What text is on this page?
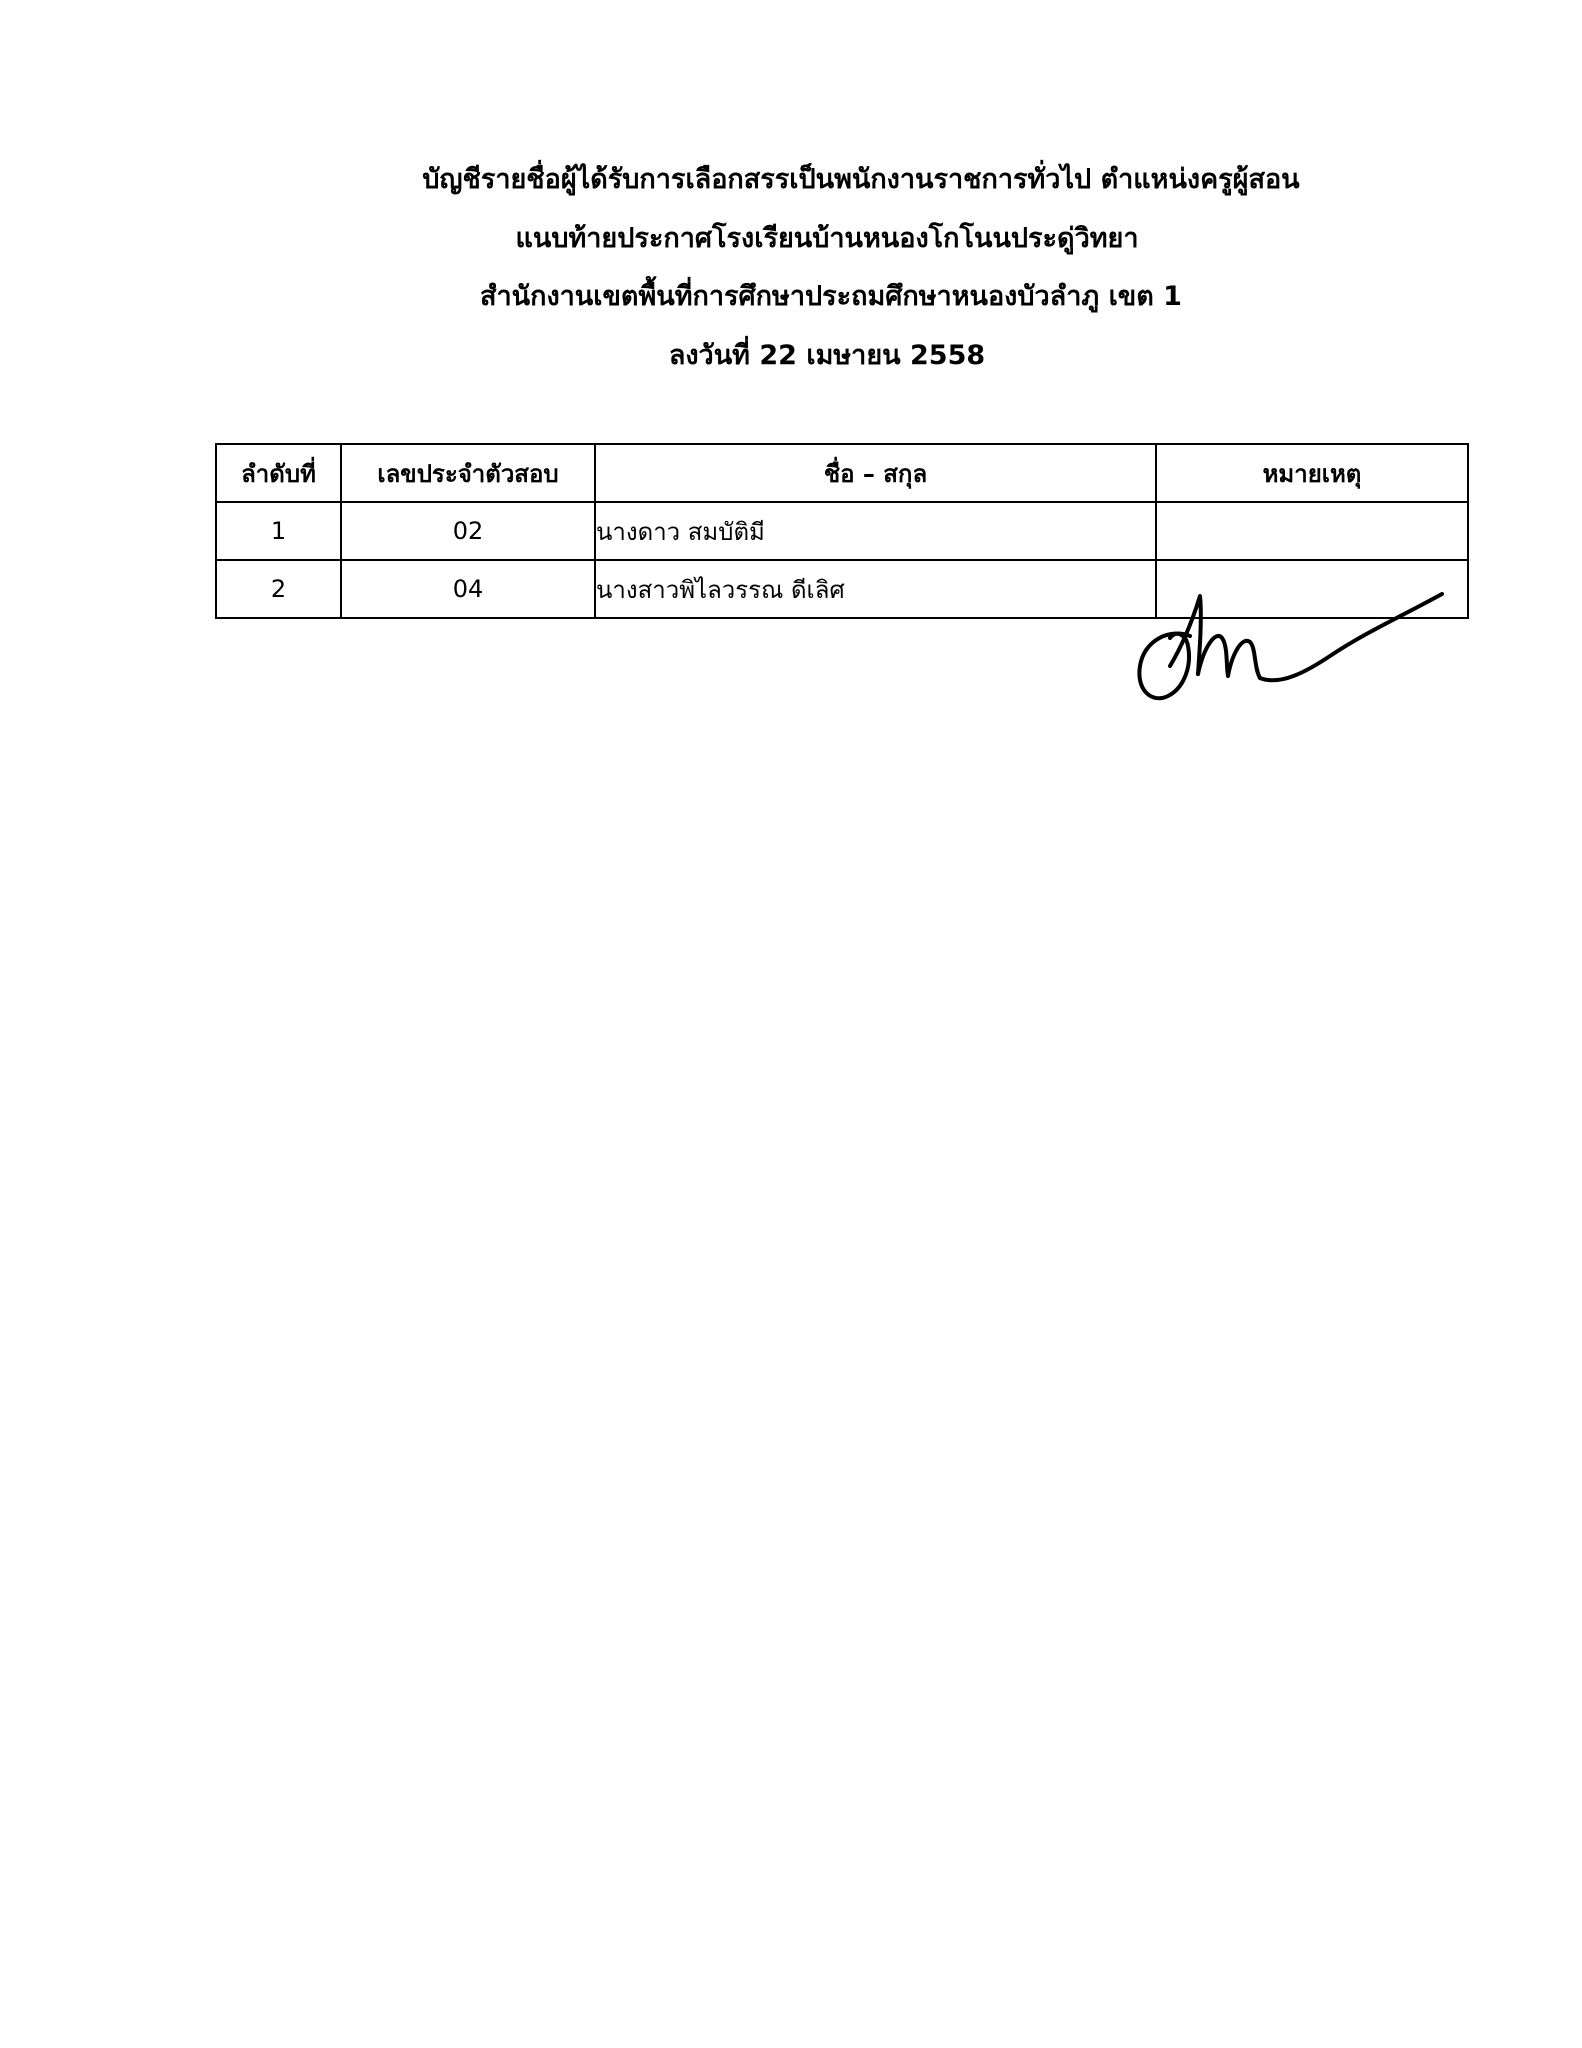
บัญชีรายชื่อผู้ได้รับการเลือกสรรเป็นพนักงานราชการทั่วไป ตำแหน่งครูผู้สอน
แนบท้ายประกาศโรงเรียนบ้านหนองโกโนนประดู่วิทยา
สำนักงานเขตพื้นที่การศึกษาประถมศึกษาหนองบัวลำภู เขต 1
ลงวันที่ 22 เมษายน 2558
ลำดับที่	เลขประจำตัวสอบ	ชื่อ – สกุล	หมายเหตุ
1	02	นางดาว สมบัติมี	
2	04	นางสาวพิไลวรรณ ดีเลิศ	
